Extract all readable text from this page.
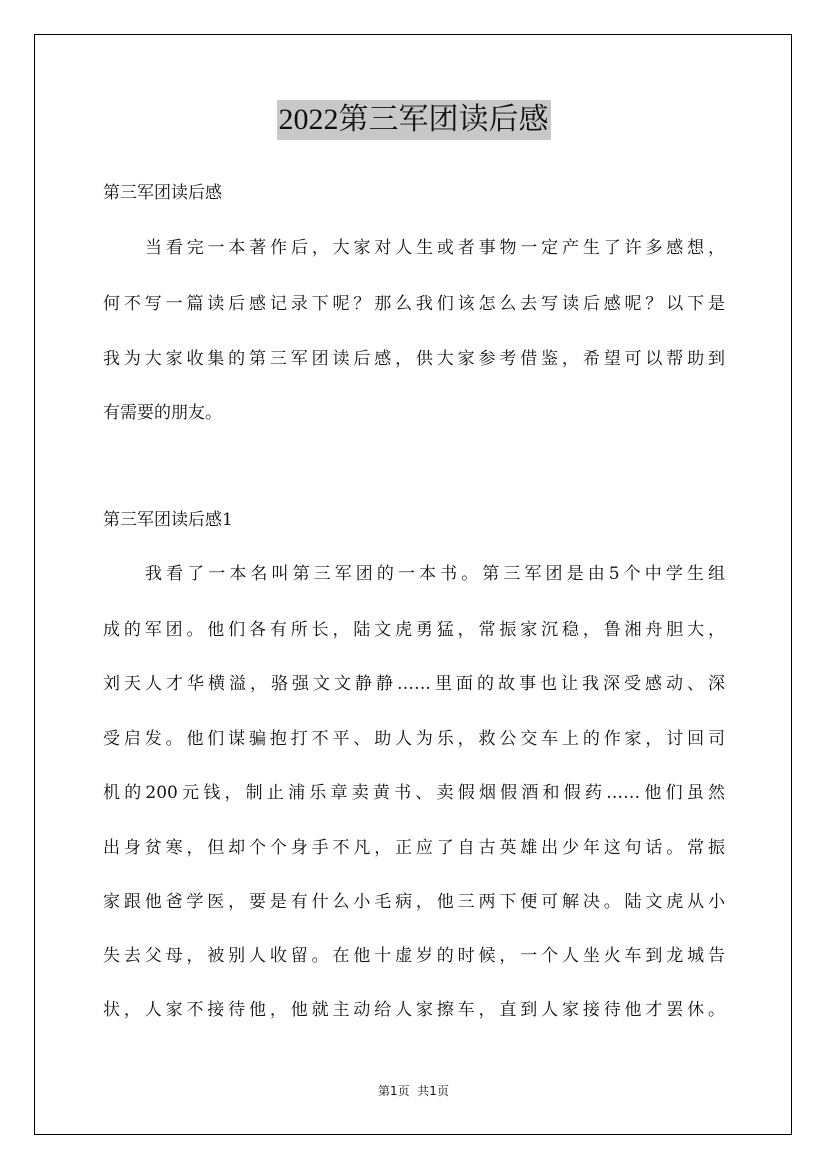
2022第三军团读后感
第三军团读后感
当看完一本著作后，大家对人生或者事物一定产生了许多感想，
何不写一篇读后感记录下呢？那么我们该怎么去写读后感呢？以下是
我为大家收集的第三军团读后感，供大家参考借鉴，希望可以帮助到
有需要的朋友。
第三军团读后感1
我看了一本名叫第三军团的一本书。第三军团是由5个中学生组
成的军团。他们各有所长，陆文虎勇猛，常振家沉稳，鲁湘舟胆大，
刘天人才华横溢，骆强文文静静……里面的故事也让我深受感动、深
受启发。他们谋骗抱打不平、助人为乐，救公交车上的作家，讨回司
机的200元钱，制止浦乐章卖黄书、卖假烟假酒和假药……他们虽然
出身贫寒，但却个个身手不凡，正应了自古英雄出少年这句话。常振
家跟他爸学医，要是有什么小毛病，他三两下便可解决。陆文虎从小
失去父母，被别人收留。在他十虚岁的时候，一个人坐火车到龙城告
状，人家不接待他，他就主动给人家擦车，直到人家接待他才罢休。
第1页  共1页
